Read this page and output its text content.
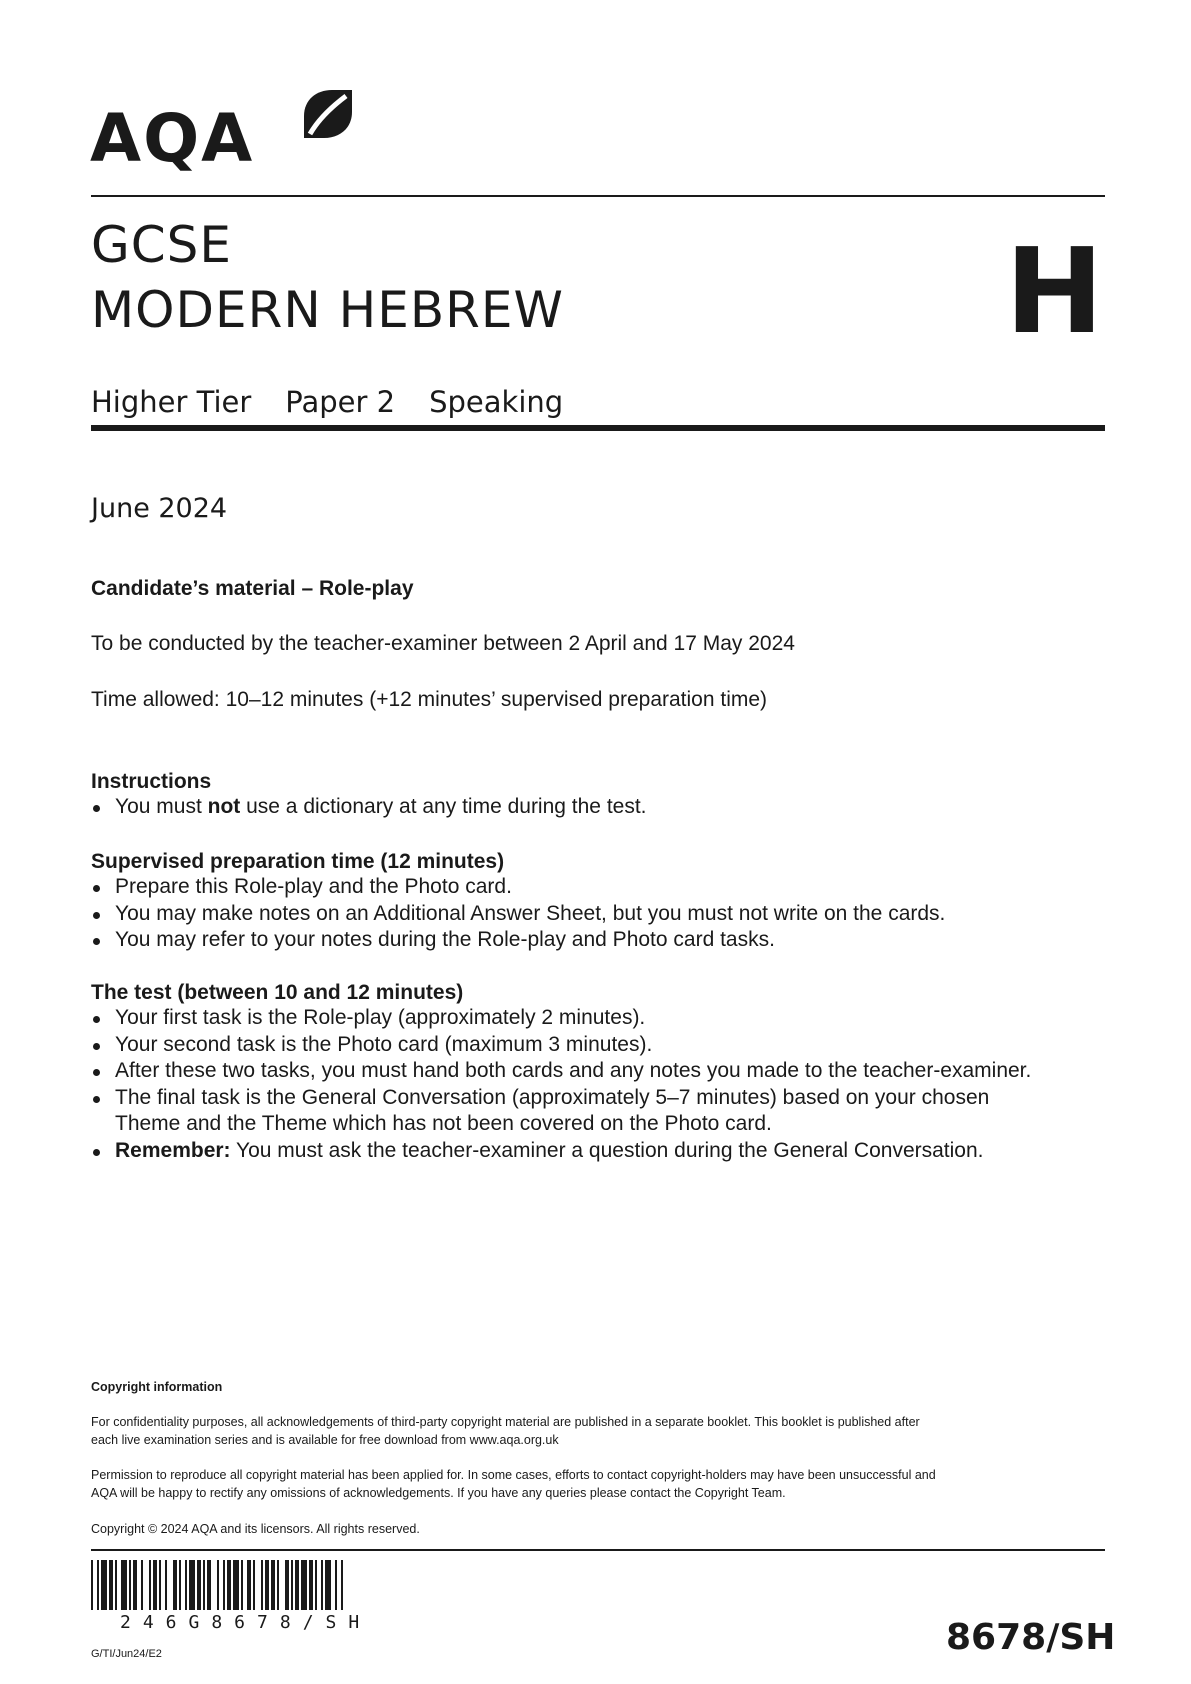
AQA
GCSE
MODERN HEBREW	H
Higher Tier Paper 2 Speaking
June 2024
Candidate’s material – Role-play
To be conducted by the teacher-examiner between 2 April and 17 May 2024
Time allowed: 10–12 minutes (+12 minutes’ supervised preparation time)
Instructions
You must not use a dictionary at any time during the test.
Supervised preparation time (12 minutes)
Prepare this Role-play and the Photo card.
You may make notes on an Additional Answer Sheet, but you must not write on the cards.
You may refer to your notes during the Role-play and Photo card tasks.
The test (between 10 and 12 minutes)
Your first task is the Role-play (approximately 2 minutes).
Your second task is the Photo card (maximum 3 minutes).
After these two tasks, you must hand both cards and any notes you made to the teacher-examiner.
The final task is the General Conversation (approximately 5–7 minutes) based on your chosen
Theme and the Theme which has not been covered on the Photo card.
Remember: You must ask the teacher-examiner a question during the General Conversation.
Copyright information
For confidentiality purposes, all acknowledgements of third-party copyright material are published in a separate booklet. This booklet is published after
each live examination series and is available for free download from www.aqa.org.uk
Permission to reproduce all copyright material has been applied for. In some cases, efforts to contact copyright-holders may have been unsuccessful and
AQA will be happy to rectify any omissions of acknowledgements. If you have any queries please contact the Copyright Team.
Copyright © 2024 AQA and its licensors. All rights reserved.
246G8678/SH
G/TI/Jun24/E2	8678/SH
